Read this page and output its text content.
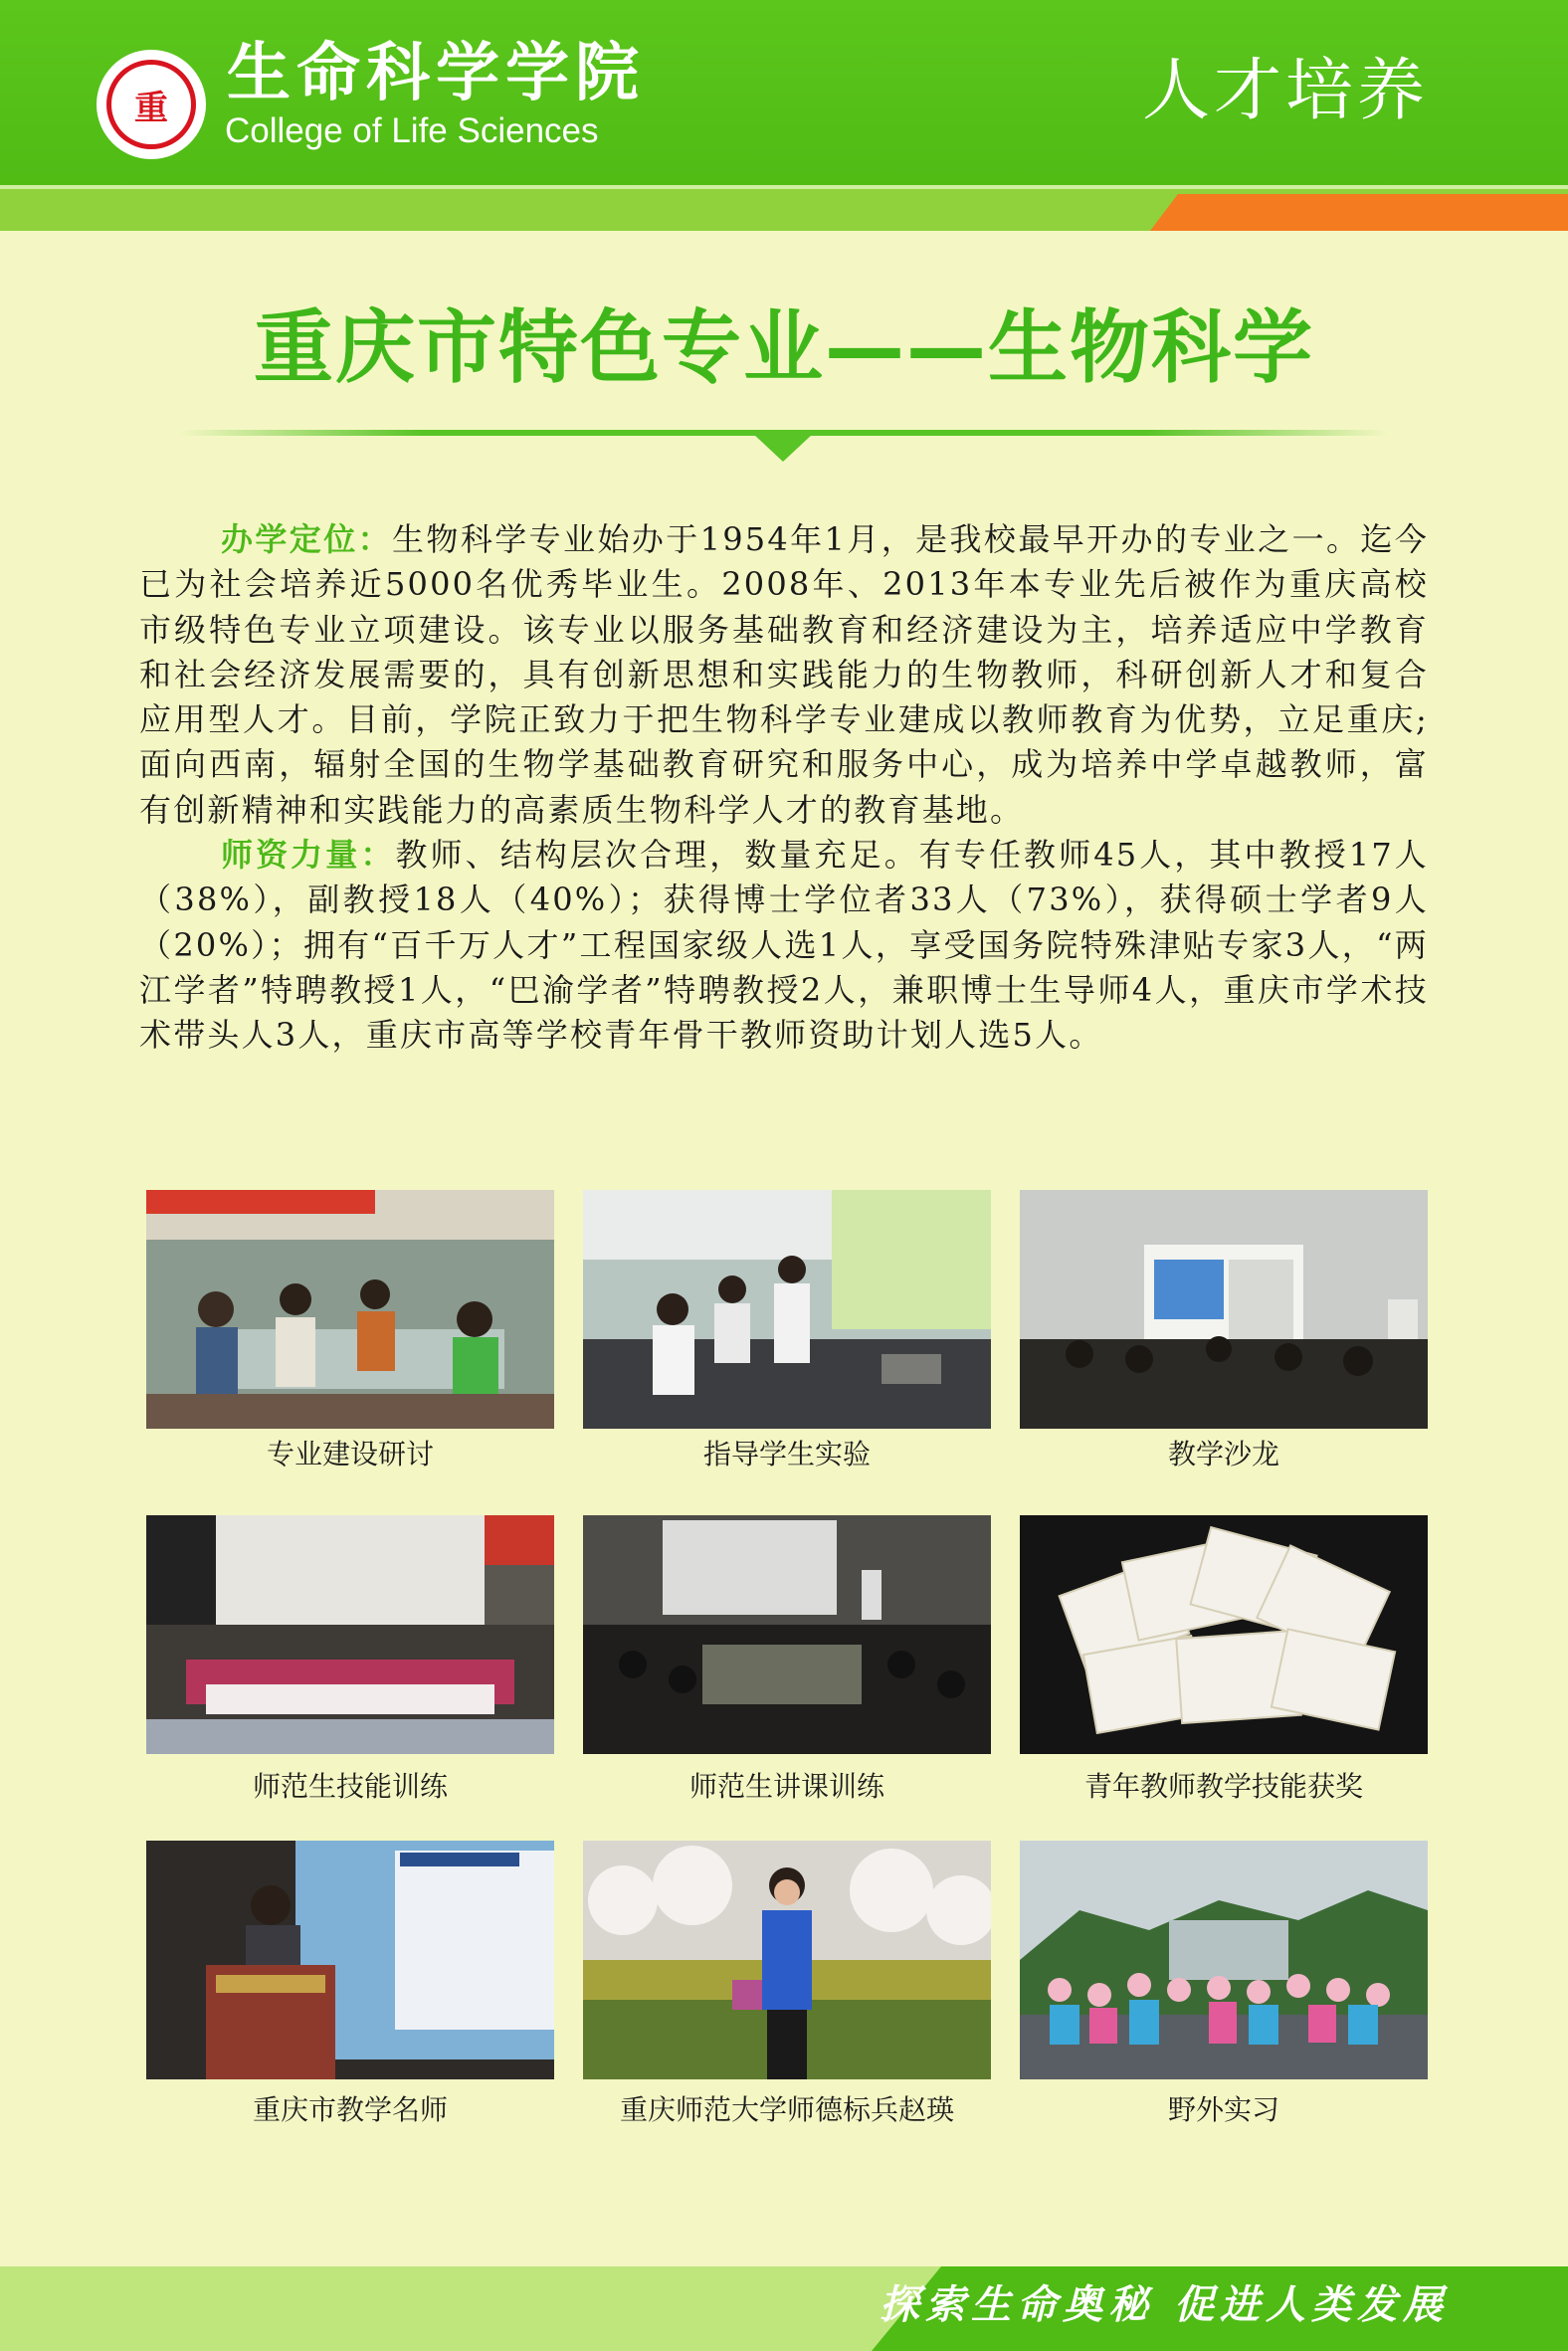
重 生命科学学院
College of Life Sciences
人才培养
重庆市特色专业——生物科学

办学定位：生物科学专业始办于1954年1月，是我校最早开办的专业之一。迄今已为社会培养近5000名优秀毕业生。2008年、2013年本专业先后被作为重庆高校市级特色专业立项建设。该专业以服务基础教育和经济建设为主，培养适应中学教育和社会经济发展需要的，具有创新思想和实践能力的生物教师，科研创新人才和复合应用型人才。目前，学院正致力于把生物科学专业建成以教师教育为优势，立足重庆;面向西南，辐射全国的生物学基础教育研究和服务中心，成为培养中学卓越教师，富有创新精神和实践能力的高素质生物科学人才的教育基地。

师资力量：教师、结构层次合理，数量充足。有专任教师45人，其中教授17人（38%），副教授18人（40%）；获得博士学位者33人（73%），获得硕士学者9人（20%）；拥有“百千万人才”工程国家级人选1人，享受国务院特殊津贴专家3人，“两江学者”特聘教授1人，“巴渝学者”特聘教授2人，兼职博士生导师4人，重庆市学术技术带头人3人，重庆市高等学校青年骨干教师资助计划人选5人。

专业建设研讨	指导学生实验	教学沙龙
师范生技能训练	师范生讲课训练	青年教师教学技能获奖
重庆市教学名师	重庆师范大学师德标兵赵瑛	野外实习
探索生命奥秘 促进人类发展
